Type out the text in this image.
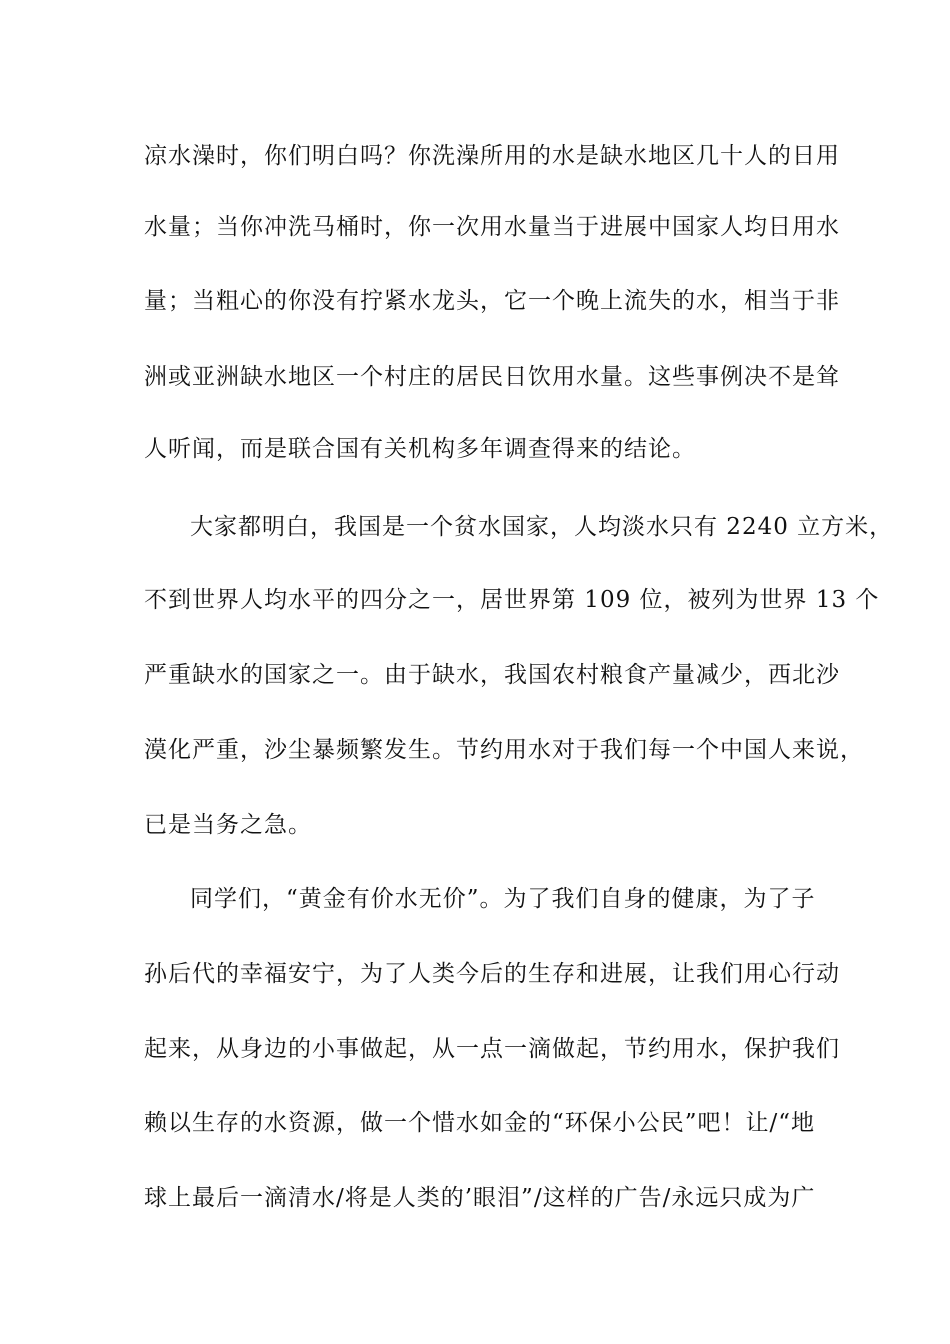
凉水澡时，你们明白吗？你洗澡所用的水是缺水地区几十人的日用
水量；当你冲洗马桶时，你一次用水量当于进展中国家人均日用水
量；当粗心的你没有拧紧水龙头，它一个晚上流失的水，相当于非
洲或亚洲缺水地区一个村庄的居民日饮用水量。这些事例决不是耸
人听闻，而是联合国有关机构多年调查得来的结论。
大家都明白，我国是一个贫水国家，人均淡水只有 2240 立方米，
不到世界人均水平的四分之一，居世界第 109 位，被列为世界 13 个
严重缺水的国家之一。由于缺水，我国农村粮食产量减少，西北沙
漠化严重，沙尘暴频繁发生。节约用水对于我们每一个中国人来说，
已是当务之急。
同学们，“黄金有价水无价”。为了我们自身的健康，为了子
孙后代的幸福安宁，为了人类今后的生存和进展，让我们用心行动
起来，从身边的小事做起，从一点一滴做起，节约用水，保护我们
赖以生存的水资源，做一个惜水如金的“环保小公民”吧！让/“地
球上最后一滴清水/将是人类的’眼泪”/这样的广告/永远只成为广
